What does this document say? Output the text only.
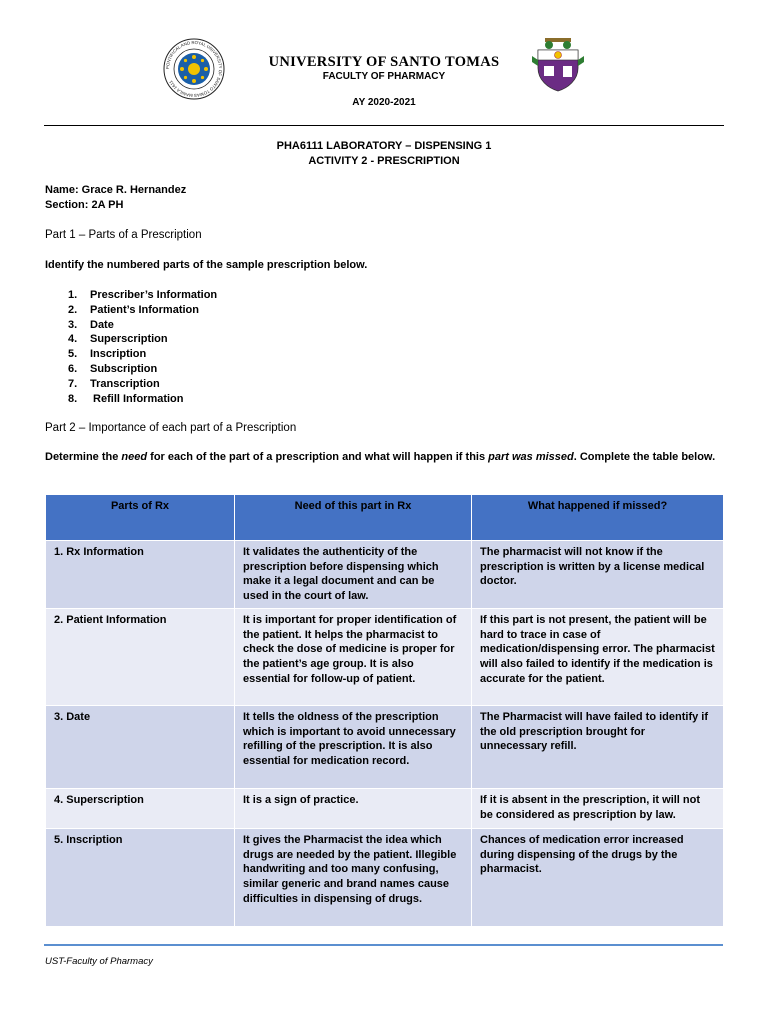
PONTIFICAL AND ROYAL UNIVERSITY OF SANTO TOMAS MANILA 1611
UNIVERSITY OF SANTO TOMAS
FACULTY OF PHARMACY
AY 2020-2021
PHA6111 LABORATORY – DISPENSING 1
ACTIVITY 2 - PRESCRIPTION
Name: Grace R. Hernandez
Section: 2A PH
Part 1 – Parts of a Prescription
Identify the numbered parts of the sample prescription below.
1. Prescriber’s Information
2. Patient’s Information
3. Date
4. Superscription
5. Inscription
6. Subscription
7. Transcription
8. Refill Information
Part 2 – Importance of each part of a Prescription
Determine the need for each of the part of a prescription and what will happen if this part was missed. Complete the table below.
Parts of Rx	Need of this part in Rx	What happened if missed?
1. Rx Information	It validates the authenticity of the prescription before dispensing which make it a legal document and can be used in the court of law.	The pharmacist will not know if the prescription is written by a license medical doctor.
2. Patient Information	It is important for proper identification of the patient. It helps the pharmacist to check the dose of medicine is proper for the patient’s age group. It is also essential for follow-up of patient.	If this part is not present, the patient will be hard to trace in case of medication/dispensing error. The pharmacist will also failed to identify if the medication is accurate for the patient.
3. Date	It tells the oldness of the prescription which is important to avoid unnecessary refilling of the prescription. It is also essential for medication record.	The Pharmacist will have failed to identify if the old prescription brought for unnecessary refill.
4. Superscription	It is a sign of practice.	If it is absent in the prescription, it will not be considered as prescription by law.
5. Inscription	It gives the Pharmacist the idea which drugs are needed by the patient. Illegible handwriting and too many confusing, similar generic and brand names cause difficulties in dispensing of drugs.	Chances of medication error increased during dispensing of the drugs by the pharmacist.
UST-Faculty of Pharmacy
